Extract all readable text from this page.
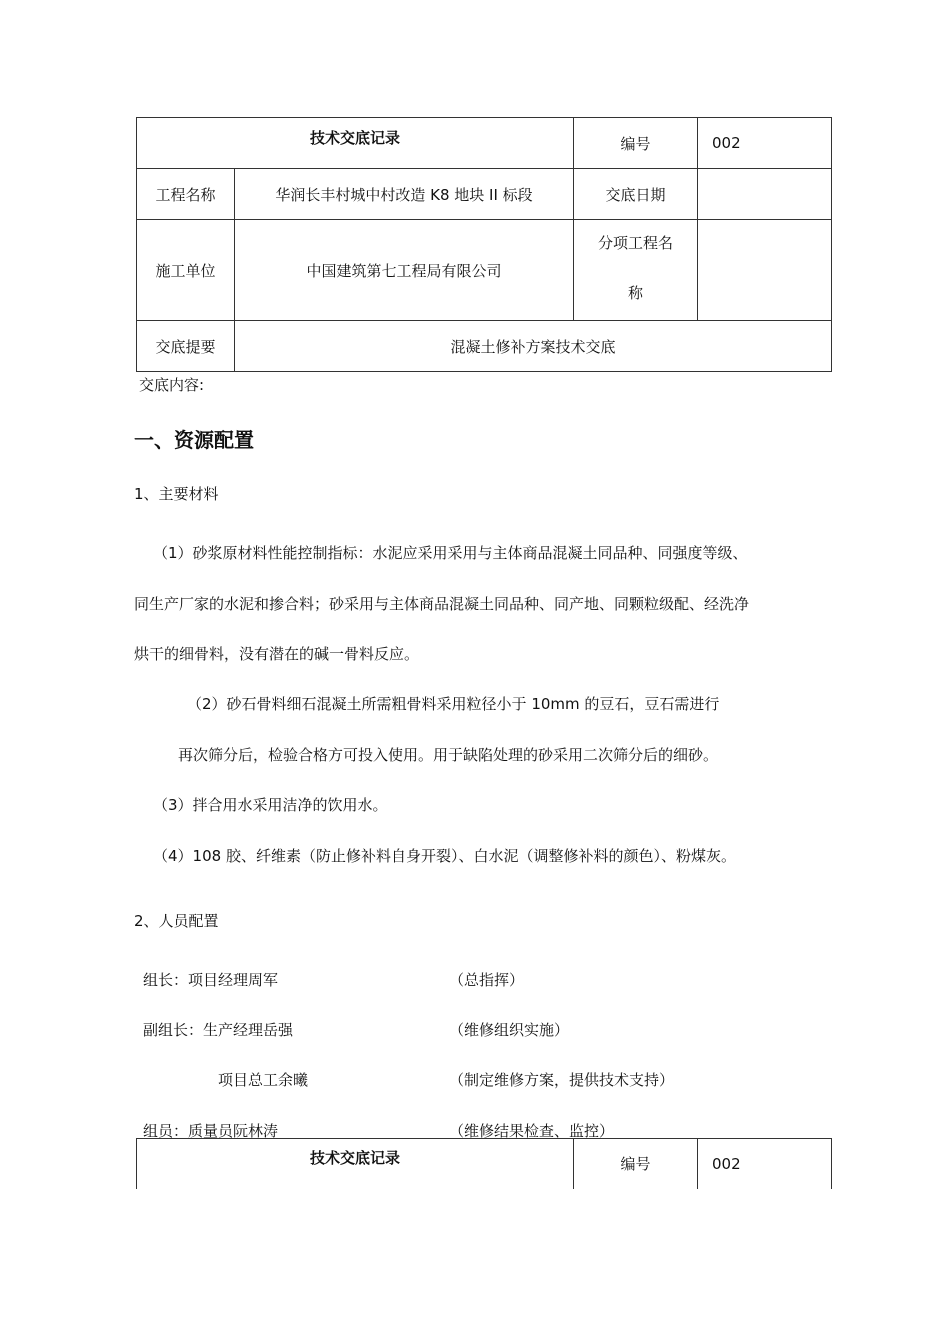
技术交底记录		编号	002
工程名称	华润长丰村城中村改造 K8 地块 II 标段	交底日期	
施工单位	中国建筑第七工程局有限公司	分项工程名
称	

交底提要	混凝土修补方案技术交底		
交底内容:
一、资源配置
1、主要材料
（1）砂浆原材料性能控制指标：水泥应采用采用与主体商品混凝土同品种、同强度等级、
同生产厂家的水泥和掺合料；砂采用与主体商品混凝土同品种、同产地、同颗粒级配、经洗净
烘干的细骨料，没有潜在的碱一骨料反应。
（2）砂石骨料细石混凝土所需粗骨料采用粒径小于 10mm 的豆石，豆石需进行
再次筛分后，检验合格方可投入使用。用于缺陷处理的砂采用二次筛分后的细砂。
（3）拌合用水采用洁净的饮用水。
（4）108 胶、纤维素（防止修补料自身开裂）、白水泥（调整修补料的颜色）、粉煤灰。
2、人员配置
组长：项目经理周军	（总指挥）
副组长：生产经理岳强	（维修组织实施）
项目总工余曦	（制定维修方案，提供技术支持）
组员：质量员阮林涛	（维修结果检查、监控）
技术交底记录	编号	002
